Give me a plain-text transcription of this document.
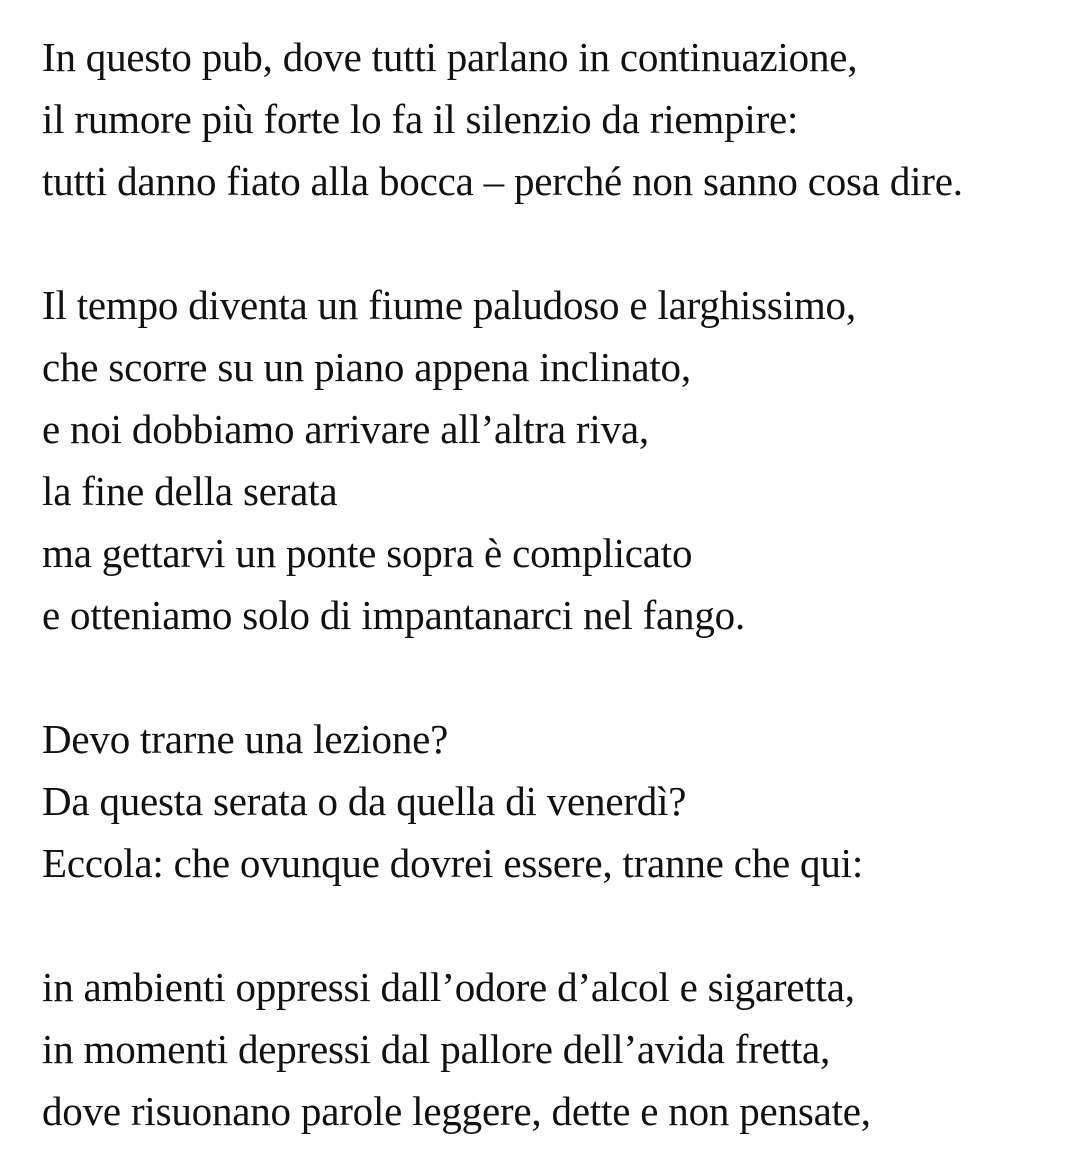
In questo pub, dove tutti parlano in continuazione,
il rumore più forte lo fa il silenzio da riempire:
tutti danno fiato alla bocca – perché non sanno cosa dire.
Il tempo diventa un fiume paludoso e larghissimo,
che scorre su un piano appena inclinato,
e noi dobbiamo arrivare all’altra riva,
la fine della serata
ma gettarvi un ponte sopra è complicato
e otteniamo solo di impantanarci nel fango.
Devo trarne una lezione?
Da questa serata o da quella di venerdì?
Eccola: che ovunque dovrei essere, tranne che qui:
in ambienti oppressi dall’odore d’alcol e sigaretta,
in momenti depressi dal pallore dell’avida fretta,
dove risuonano parole leggere, dette e non pensate,
